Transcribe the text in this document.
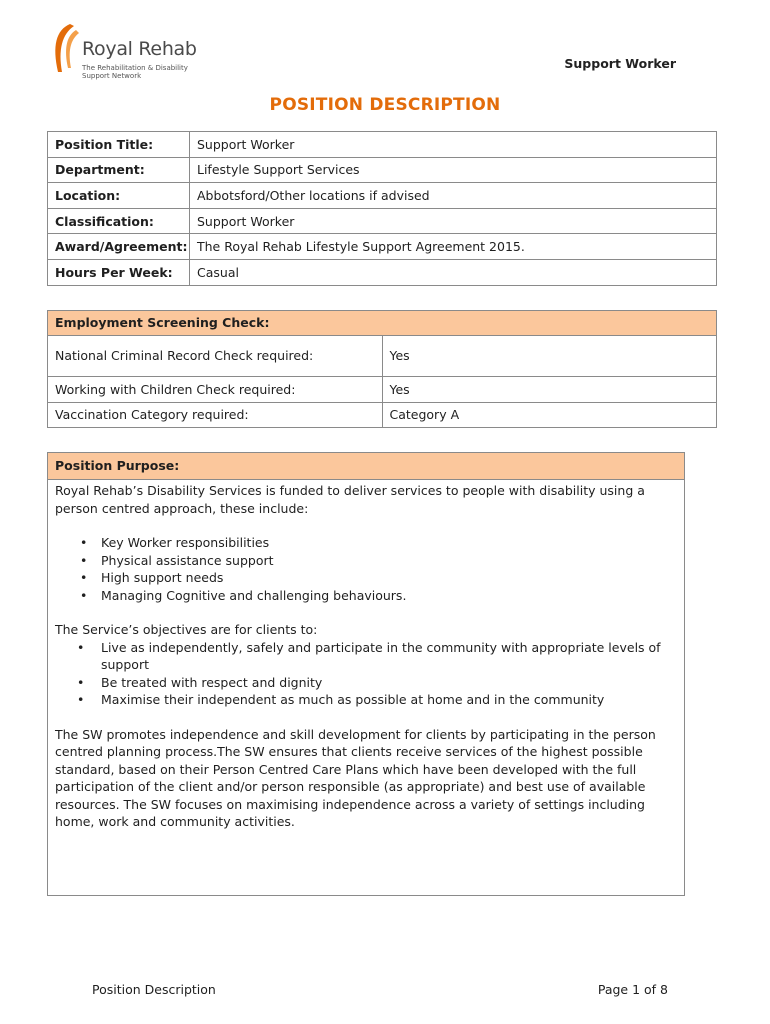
Royal Rehab
The Rehabilitation & Disability
Support Network
Support Worker
POSITION DESCRIPTION
Position Title:	Support Worker
Department:	Lifestyle Support Services
Location:	Abbotsford/Other locations if advised
Classification:	Support Worker
Award/Agreement:	The Royal Rehab Lifestyle Support Agreement 2015.
Hours Per Week:	Casual
Employment Screening Check:	
National Criminal Record Check required:	Yes
Working with Children Check required:	Yes
Vaccination Category required:	Category A
Position Purpose:

Royal Rehab’s Disability Services is funded to deliver services to people with disability using a person centred approach, these include:

• Key Worker responsibilities
• Physical assistance support
• High support needs
• Managing Cognitive and challenging behaviours.

The Service’s objectives are for clients to:

• Live as independently, safely and participate in the community with appropriate levels of support
• Be treated with respect and dignity
• Maximise their independent as much as possible at home and in the community

The SW promotes independence and skill development for clients by participating in the person centred planning process.The SW ensures that clients receive services of the highest possible standard, based on their Person Centred Care Plans which have been developed with the full participation of the client and/or person responsible (as appropriate) and best use of available resources. The SW focuses on maximising independence across a variety of settings including home, work and community activities.

Position Description	Page 1 of 8
